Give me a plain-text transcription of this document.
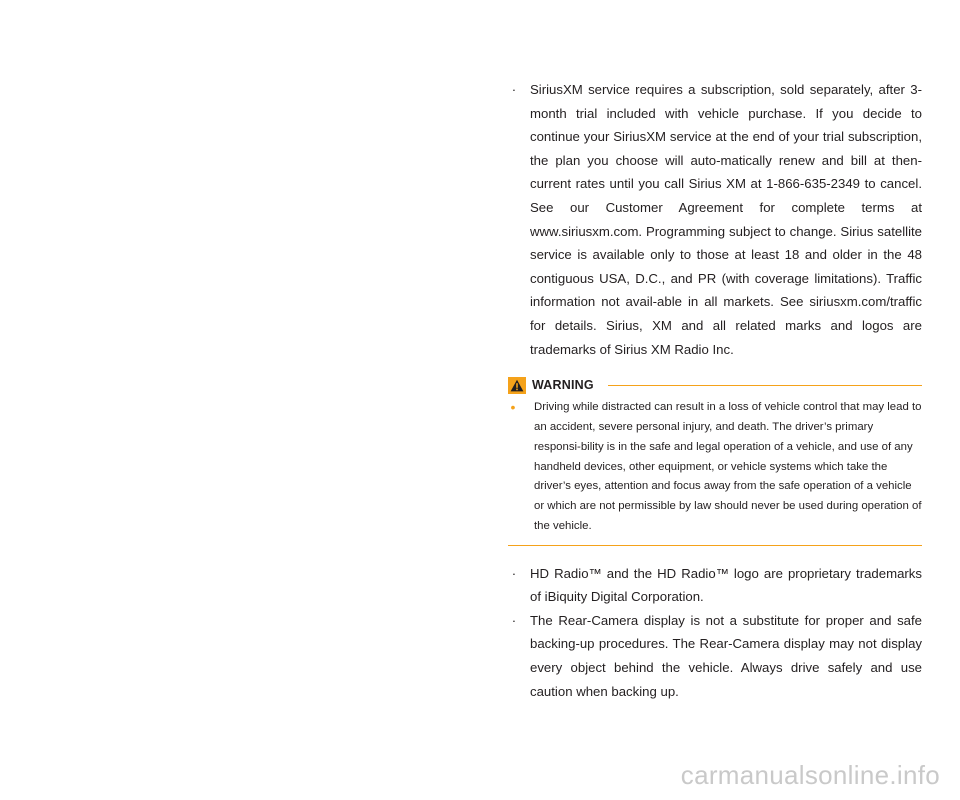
· SiriusXM service requires a subscription, sold separately, after 3-month trial included with vehicle purchase. If you decide to continue your SiriusXM service at the end of your trial subscription, the plan you choose will auto-matically renew and bill at then-current rates until you call Sirius XM at 1-866-635-2349 to cancel. See our Customer Agreement for complete terms at www.siriusxm.com. Programming subject to change. Sirius satellite service is available only to those at least 18 and older in the 48 contiguous USA, D.C., and PR (with coverage limitations). Traffic information not avail-able in all markets. See siriusxm.com/traffic for details. Sirius, XM and all related marks and logos are trademarks of Sirius XM Radio Inc.

WARNING
• Driving while distracted can result in a loss of vehicle control that may lead to an accident, severe personal injury, and death. The driver’s primary responsi-bility is in the safe and legal operation of a vehicle, and use of any handheld devices, other equipment, or vehicle systems which take the driver’s eyes, attention and focus away from the safe operation of a vehicle or which are not permissible by law should never be used during operation of the vehicle.

· HD Radio™ and the HD Radio™ logo are proprietary trademarks of iBiquity Digital Corporation.

· The Rear-Camera display is not a substitute for proper and safe backing-up procedures. The Rear-Camera display may not display every object behind the vehicle. Always drive safely and use caution when backing up.

carmanualsonline.info
